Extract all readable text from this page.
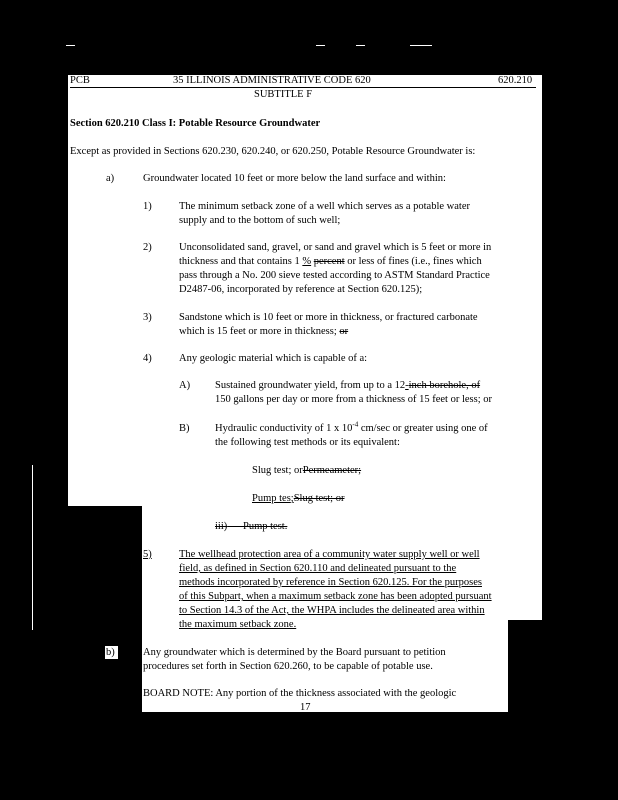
PCB	35 ILLINOIS ADMINISTRATIVE CODE 620	620.210
SUBTITLE F
Section 620.210 Class I: Potable Resource Groundwater
Except as provided in Sections 620.230, 620.240, or 620.250, Potable Resource Groundwater is:
a)	Groundwater located 10 feet or more below the land surface and within:
1)	The minimum setback zone of a well which serves as a potable water
supply and to the bottom of such well;
2)	Unconsolidated sand, gravel, or sand and gravel which is 5 feet or more in
thickness and that contains 1 % percent or less of fines (i.e., fines which
pass through a No. 200 sieve tested according to ASTM Standard Practice
D2487-06, incorporated by reference at Section 620.125);
3)	Sandstone which is 10 feet or more in thickness, or fractured carbonate
which is 15 feet or more in thickness; or
4)	Any geologic material which is capable of a:
A) Sustained groundwater yield, from up to a 12-inch borehole, of
150 gallons per day or more from a thickness of 15 feet or less; or
B) Hydraulic conductivity of 1 x $10^{-4}$ cm/sec or greater using one of
the following test methods or its equivalent:
Slug test; orPermeameter;
Pump tes;Slug test; or
iii) Pump test.
5)	The wellhead protection area of a community water supply well or well
field, as defined in Section 620.110 and delineated pursuant to the
methods incorporated by reference in Section 620.125. For the purposes
of this Subpart, when a maximum setback zone has been adopted pursuant
to Section 14.3 of the Act, the WHPA includes the delineated area within
the maximum setback zone.
b)	Any groundwater which is determined by the Board pursuant to petition
procedures set forth in Section 620.260, to be capable of potable use.
BOARD NOTE: Any portion of the thickness associated with the geologic
17
